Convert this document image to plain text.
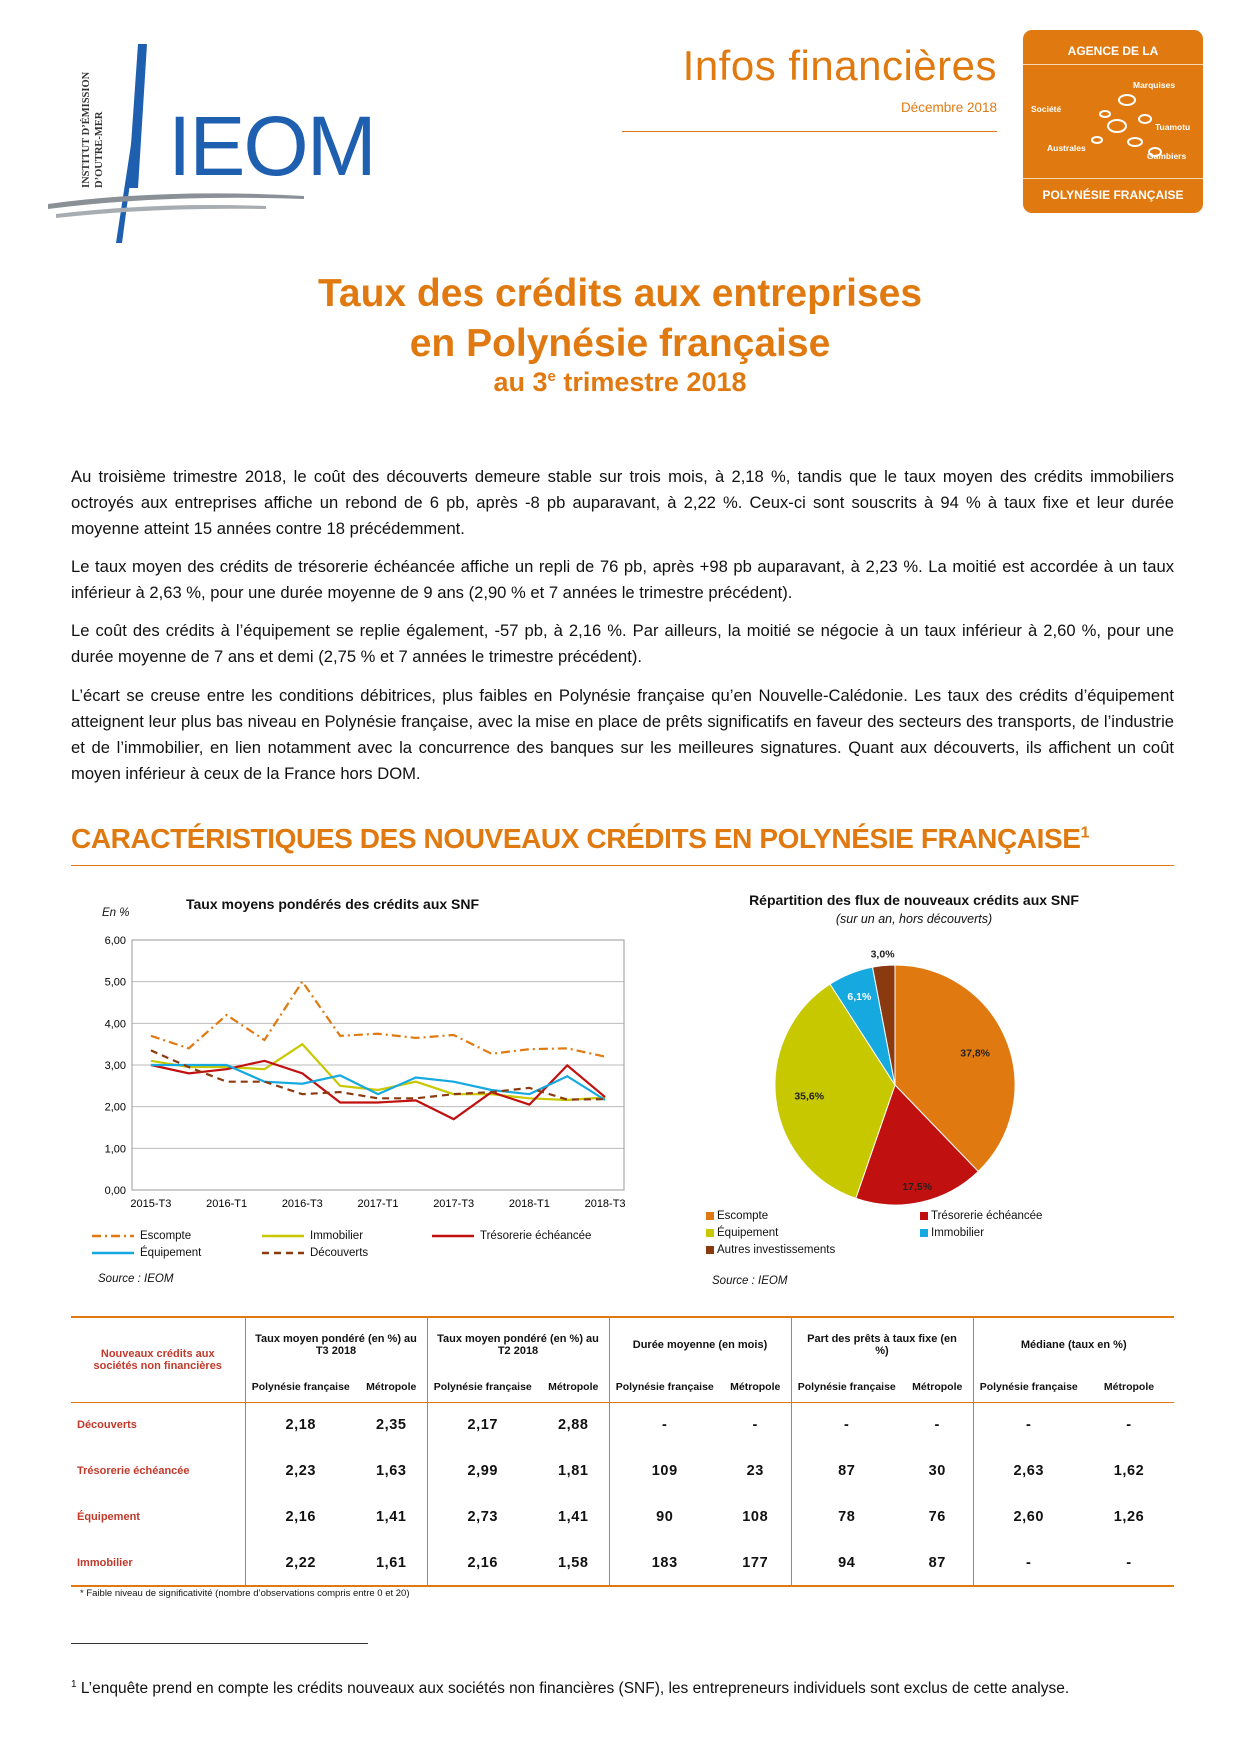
INSTITUT D’ÉMISSION D’OUTRE-MER IEOM
Infos financières
Décembre 2018
AGENCE DE LA
Marquises
Société
Tuamotu
Australes
Gambiers
POLYNÉSIE FRANÇAISE
Taux des crédits aux entreprises
en Polynésie française
au 3e trimestre 2018
Au troisième trimestre 2018, le coût des découverts demeure stable sur trois mois, à 2,18 %, tandis que le taux moyen des crédits immobiliers octroyés aux entreprises affiche un rebond de 6 pb, après -8 pb auparavant, à 2,22 %. Ceux-ci sont souscrits à 94 % à taux fixe et leur durée moyenne atteint 15 années contre 18 précédemment.
Le taux moyen des crédits de trésorerie échéancée affiche un repli de 76 pb, après +98 pb auparavant, à 2,23 %. La moitié est accordée à un taux inférieur à 2,63 %, pour une durée moyenne de 9 ans (2,90 % et 7 années le trimestre précédent).
Le coût des crédits à l’équipement se replie également, -57 pb, à 2,16 %. Par ailleurs, la moitié se négocie à un taux inférieur à 2,60 %, pour une durée moyenne de 7 ans et demi (2,75 % et 7 années le trimestre précédent).
L’écart se creuse entre les conditions débitrices, plus faibles en Polynésie française qu’en Nouvelle-Calédonie. Les taux des crédits d’équipement atteignent leur plus bas niveau en Polynésie française, avec la mise en place de prêts significatifs en faveur des secteurs des transports, de l’industrie et de l’immobilier, en lien notamment avec la concurrence des banques sur les meilleures signatures. Quant aux découverts, ils affichent un coût moyen inférieur à ceux de la France hors DOM.
CARACTÉRISTIQUES DES NOUVEAUX CRÉDITS EN POLYNÉSIE FRANÇAISE$^1$
Taux moyens pondérés des crédits aux SNF
En %
0,00
1,00
2,00
3,00
4,00
5,00
6,00
2015-T3	2016-T1	2016-T3	2017-T1	2017-T3	2018-T1	2018-T3
Escompte	Immobilier	Trésorerie échéancée
Équipement	Découverts
Source : IEOM
Répartition des flux de nouveaux crédits aux SNF
(sur un an, hors découverts)
37,8%
17,5%
35,6%
6,1%
3,0%
Escompte	Trésorerie échéancée
Équipement	Immobilier
Autres investissements
Source : IEOM
Nouveaux crédits aux sociétés non financières	Taux moyen pondéré (en %) au T3 2018		Taux moyen pondéré (en %) au T2 2018		Durée moyenne (en mois)		Part des prêts à taux fixe (en %)		Médiane (taux en %)	
	Polynésie française	Métropole	Polynésie française	Métropole	Polynésie française	Métropole	Polynésie française	Métropole	Polynésie française	Métropole
Découverts	2,18	2,35	2,17	2,88	-	-	-	-	-	-
Trésorerie échéancée	2,23	1,63	2,99	1,81	109	23	87	30	2,63	1,62
Équipement	2,16	1,41	2,73	1,41	90	108	78	76	2,60	1,26
Immobilier	2,22	1,61	2,16	1,58	183	177	94	87	-	-
* Faible niveau de significativité (nombre d’observations compris entre 0 et 20)
$^1$ L’enquête prend en compte les crédits nouveaux aux sociétés non financières (SNF), les entrepreneurs individuels sont exclus de cette analyse.
